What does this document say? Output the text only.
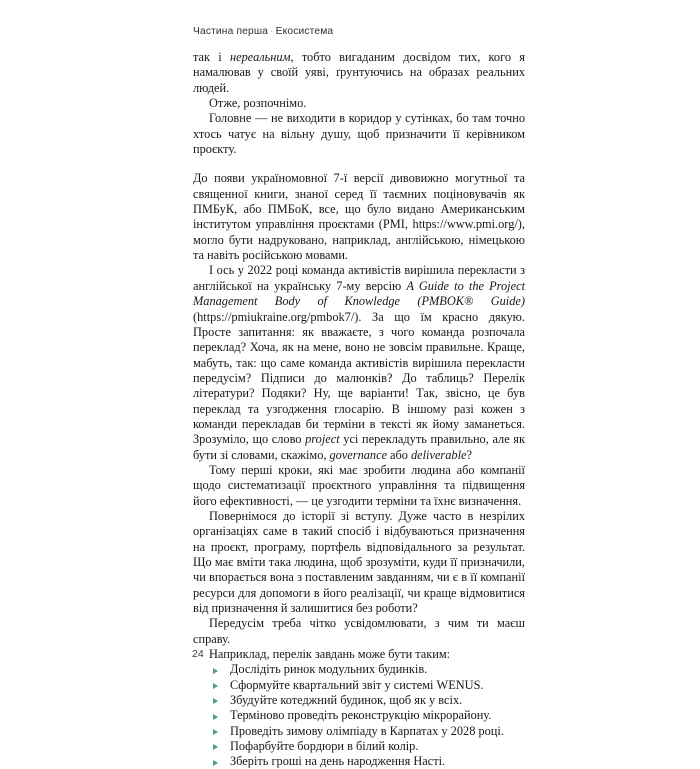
Частина перша · Екосистема

так і нереальним, тобто вигаданим досвідом тих, кого я намалював у своїй уяві, ґрунтуючись на образах реальних людей.

Отже, розпочнімо.

Головне — не виходити в коридор у сутінках, бо там точно хтось чатує на вільну душу, щоб призначити її керівником проєкту.

До появи україномовної 7-ї версії дивовижно могутньої та священної книги, знаної серед її таємних поціновувачів як ПМБуК, або ПМБоК, все, що було видано Американським інститутом управління проєктами (PMI, https://www.pmi.org/), могло бути надруковано, наприклад, англійською, німецькою та навіть російською мовами.

І ось у 2022 році команда активістів вирішила перекласти з англійської на українську 7-му версію A Guide to the Project Management Body of Knowledge (PMBOK® Guide) (https://pmiukraine.org/pmbok7/). За що їм красно дякую. Просте запитання: як вважаєте, з чого команда розпочала переклад? Хоча, як на мене, воно не зовсім правильне. Краще, мабуть, так: що саме команда активістів вирішила перекласти передусім? Підписи до малюнків? До таблиць? Перелік літератури? Подяки? Ну, ще варіанти! Так, звісно, це був переклад та узгодження глосарію. В іншому разі кожен з команди перекладав би терміни в тексті як йому заманеться. Зрозуміло, що слово project усі перекладуть правильно, але як бути зі словами, скажімо, governance або deliverable?

Тому перші кроки, які має зробити людина або компанії щодо систематизації проєктного управління та підвищення його ефективності, — це узгодити терміни та їхнє визначення.

Повернімося до історії зі вступу. Дуже часто в незрілих організаціях саме в такий спосіб і відбуваються призначення на проєкт, програму, портфель відповідального за результат. Що має вміти така людина, щоб зрозуміти, куди її призначили, чи впорається вона з поставленим завданням, чи є в її компанії ресурси для допомоги в його реалізації, чи краще відмовитися від призначення й залишитися без роботи?

Передусім треба чітко усвідомлювати, з чим ти маєш справу.

Наприклад, перелік завдань може бути таким:

Дослідіть ринок модульних будинків.
Сформуйте квартальний звіт у системі WENUS.
Збудуйте котеджний будинок, щоб як у всіх.
Терміново проведіть реконструкцію мікрорайону.
Проведіть зимову олімпіаду в Карпатах у 2028 році.
Пофарбуйте бордюри в білий колір.
Зберіть гроші на день народження Насті.
24
